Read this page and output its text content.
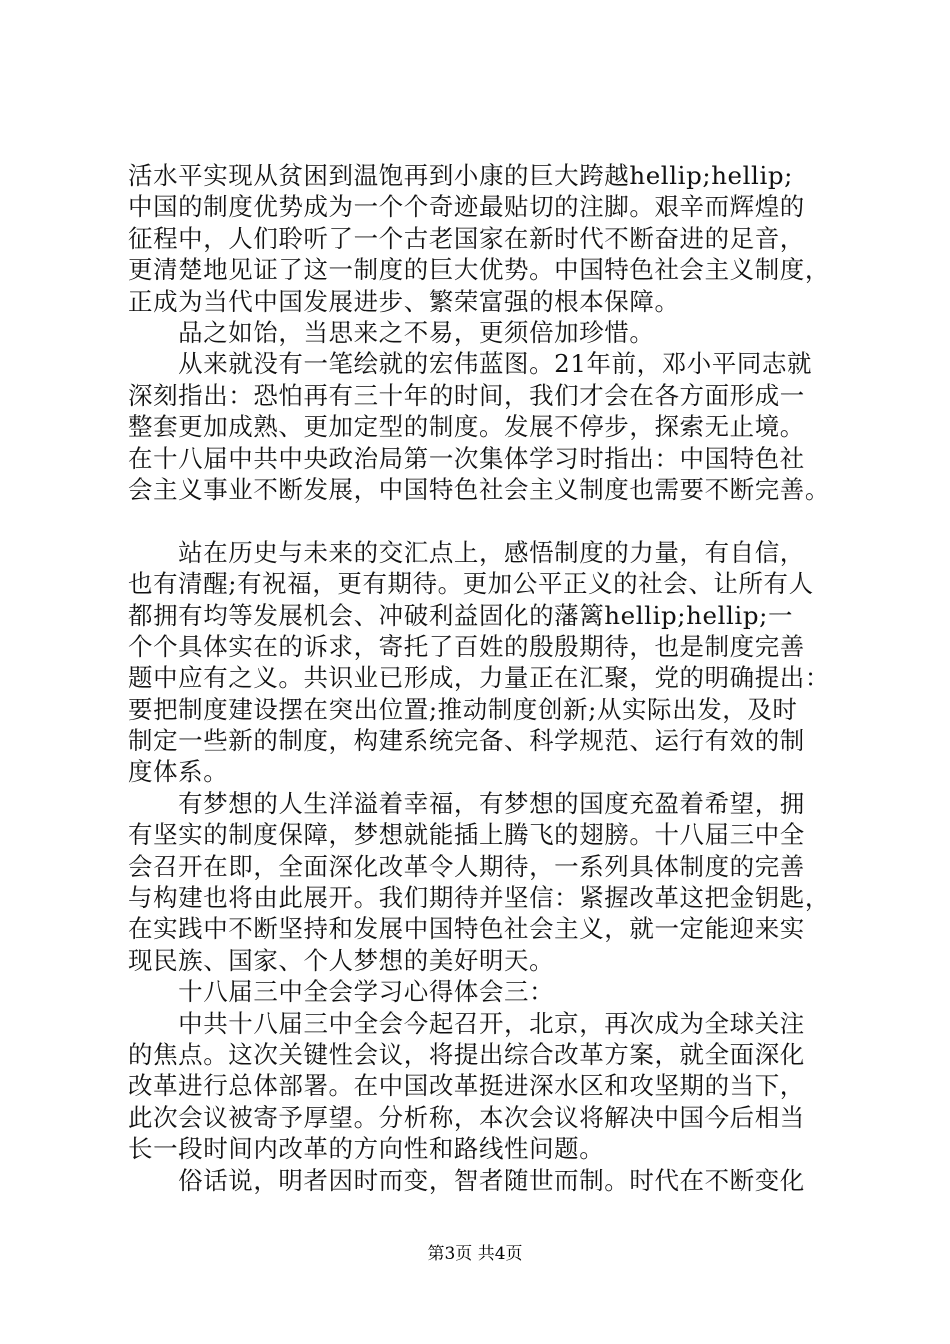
活水平实现从贫困到温饱再到小康的巨大跨越hellip;hellip;
中国的制度优势成为一个个奇迹最贴切的注脚。艰辛而辉煌的
征程中，人们聆听了一个古老国家在新时代不断奋进的足音，
更清楚地见证了这一制度的巨大优势。中国特色社会主义制度，
正成为当代中国发展进步、繁荣富强的根本保障。
　　品之如饴，当思来之不易，更须倍加珍惜。
　　从来就没有一笔绘就的宏伟蓝图。21年前，邓小平同志就
深刻指出：恐怕再有三十年的时间，我们才会在各方面形成一
整套更加成熟、更加定型的制度。发展不停步，探索无止境。
在十八届中共中央政治局第一次集体学习时指出：中国特色社
会主义事业不断发展，中国特色社会主义制度也需要不断完善。
　　站在历史与未来的交汇点上，感悟制度的力量，有自信，
也有清醒;有祝福，更有期待。更加公平正义的社会、让所有人
都拥有均等发展机会、冲破利益固化的藩篱hellip;hellip;一
个个具体实在的诉求，寄托了百姓的殷殷期待，也是制度完善
题中应有之义。共识业已形成，力量正在汇聚，党的明确提出：
要把制度建设摆在突出位置;推动制度创新;从实际出发，及时
制定一些新的制度，构建系统完备、科学规范、运行有效的制
度体系。
　　有梦想的人生洋溢着幸福，有梦想的国度充盈着希望，拥
有坚实的制度保障，梦想就能插上腾飞的翅膀。十八届三中全
会召开在即，全面深化改革令人期待，一系列具体制度的完善
与构建也将由此展开。我们期待并坚信：紧握改革这把金钥匙，
在实践中不断坚持和发展中国特色社会主义，就一定能迎来实
现民族、国家、个人梦想的美好明天。
　　十八届三中全会学习心得体会三：
　　中共十八届三中全会今起召开，北京，再次成为全球关注
的焦点。这次关键性会议，将提出综合改革方案，就全面深化
改革进行总体部署。在中国改革挺进深水区和攻坚期的当下，
此次会议被寄予厚望。分析称，本次会议将解决中国今后相当
长一段时间内改革的方向性和路线性问题。
　　俗话说，明者因时而变，智者随世而制。时代在不断变化
第3页 共4页
